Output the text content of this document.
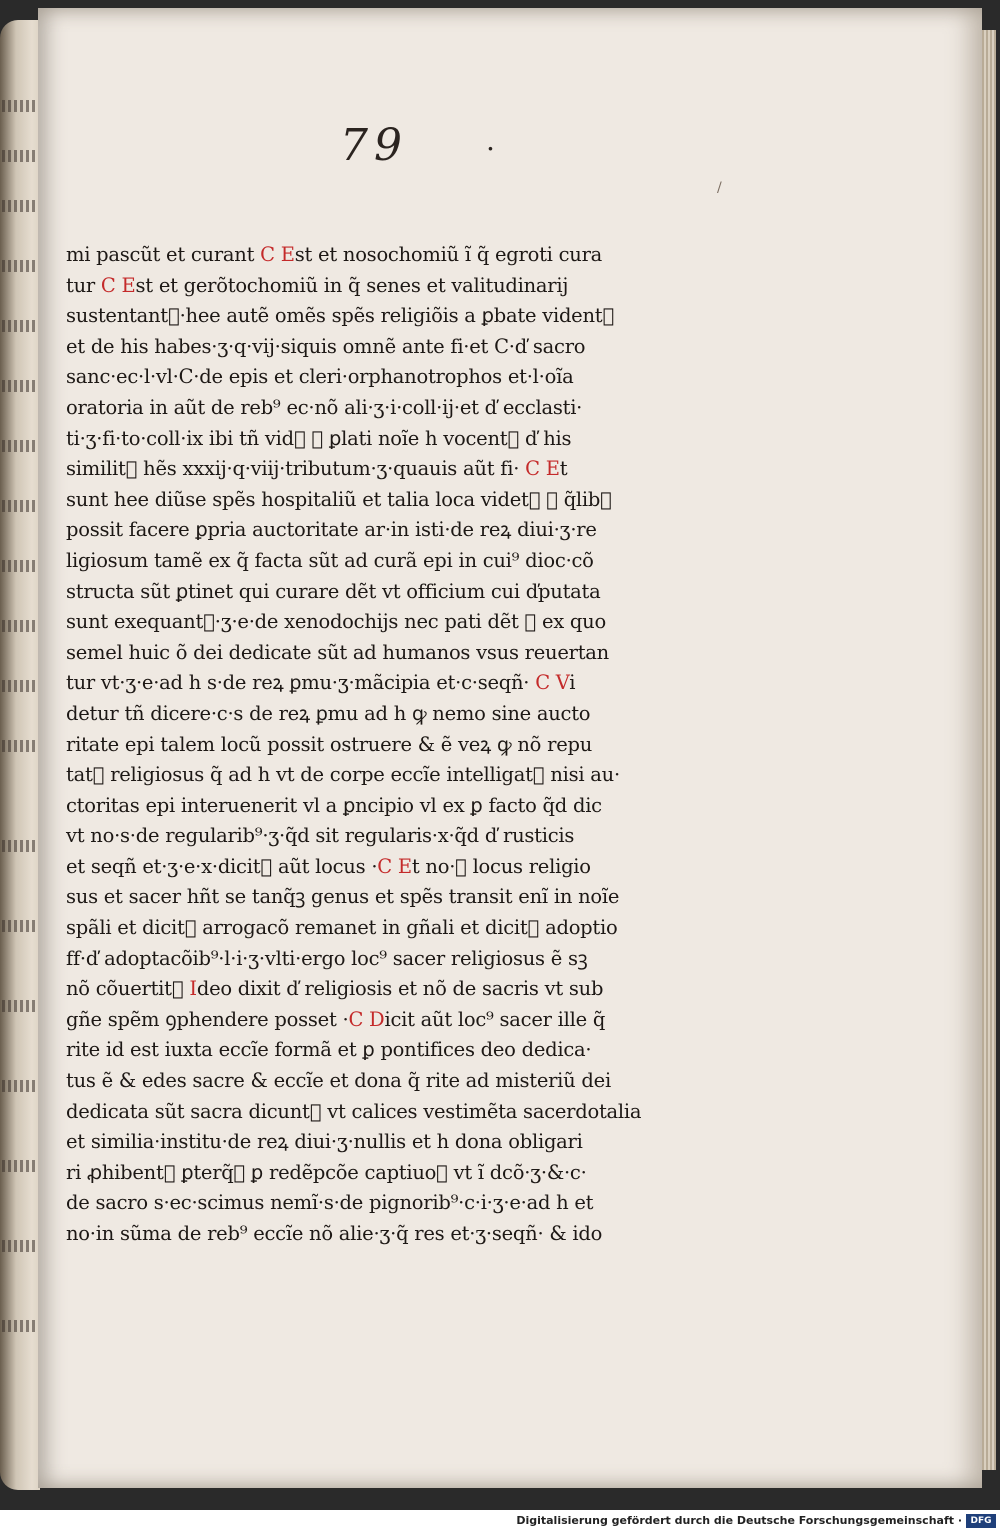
79	.
/
mi pascũt et curant C Est et nosochomiũ ĩ q̃ egroti cura
tur C Est et gerõtochomiũ in q̃ senes et valitudinarij
sustentant᷑·hee autẽ omẽs spẽs religiõis a ꝑbate vident᷑
et de his habes·ʒ·q·vij·siquis omnẽ ante fi·et C·ď sacro
sanc·ec·l·vl·C·de epis et cleri·orphanotrophos et·l·oĩa
oratoria in aũt de reb⁹ ec·nõ ali·ʒ·i·coll·ij·et ď ecclasti·
ti·ʒ·fi·to·coll·ix ibi tñ vid᷑ ꝙ ꝑlati noĩe h vocent᷑ ď his
similit᷑ hẽs xxxij·q·viij·tributum·ʒ·quauis aũt fi· C Et
sunt hee diũse spẽs hospitaliũ et talia loca videt᷑ ꝙ q̃libꝫ
possit facere ꝑpria auctoritate ar·in isti·de reꝝ diui·ʒ·re
ligiosum tamẽ ex q̃ facta sũt ad curã epi in cui⁹ dioc·cõ
structa sũt ꝑtinet qui curare dẽt vt officium cui ďputata
sunt exequant᷑·ʒ·e·de xenodochijs nec pati dẽt ꝙ ex quo
semel huic õ dei dedicate sũt ad humanos vsus reuertan
tur vt·ʒ·e·ad h s·de reꝝ ꝑmu·ʒ·mãcipia et·c·seqñ· C Vi
detur tñ dicere·c·s de reꝝ ꝑmu ad h ꝙ nemo sine aucto
ritate epi talem locũ possit ostruere & ẽ veꝝ ꝙ nõ repu
tat᷑ religiosus q̃ ad h vt de corpe eccĩe intelligat᷑ nisi au·
ctoritas epi interuenerit vl a ꝑncipio vl ex ꝑ facto q̃d dic
vt no·s·de regularib⁹·ʒ·q̃d sit regularis·x·q̃d ď rusticis
et seqñ et·ʒ·e·x·dicit᷑ aũt locus ·C Et no·ꝙ locus religio
sus et sacer hñt se tanq̃ꝫ genus et spẽs transit enĩ in noĩe
spãli et dicit᷑ arrogacõ remanet in gñali et dicit᷑ adoptio
ff·ď adoptacõib⁹·l·i·ʒ·vlti·ergo loc⁹ sacer religiosus ẽ sꝫ
nõ cõuertit᷑ Ideo dixit ď religiosis et nõ de sacris vt sub
gñe spẽm ꝯphendere posset ·C Dicit aũt loc⁹ sacer ille q̃
rite id est iuxta eccĩe formã et ꝑ pontifices deo dedica·
tus ẽ & edes sacre & eccĩe et dona q̃ rite ad misteriũ dei
dedicata sũt sacra dicunt᷑ vt calices vestimẽta sacerdotalia
et similia·institu·de reꝝ diui·ʒ·nullis et h dona obligari
ri ꝓhibent᷑ ꝑterq̃ꝫ ꝑ redẽpcõe captiuoꝝ vt ĩ dcõ·ʒ·&·c·
de sacro s·ec·scimus nemĩ·s·de pignorib⁹·c·i·ʒ·e·ad h et
no·in sũma de reb⁹ eccĩe nõ alie·ʒ·q̃ res et·ʒ·seqñ· & ido
Digitalisierung gefördert durch die Deutsche Forschungsgemeinschaft · DFG
